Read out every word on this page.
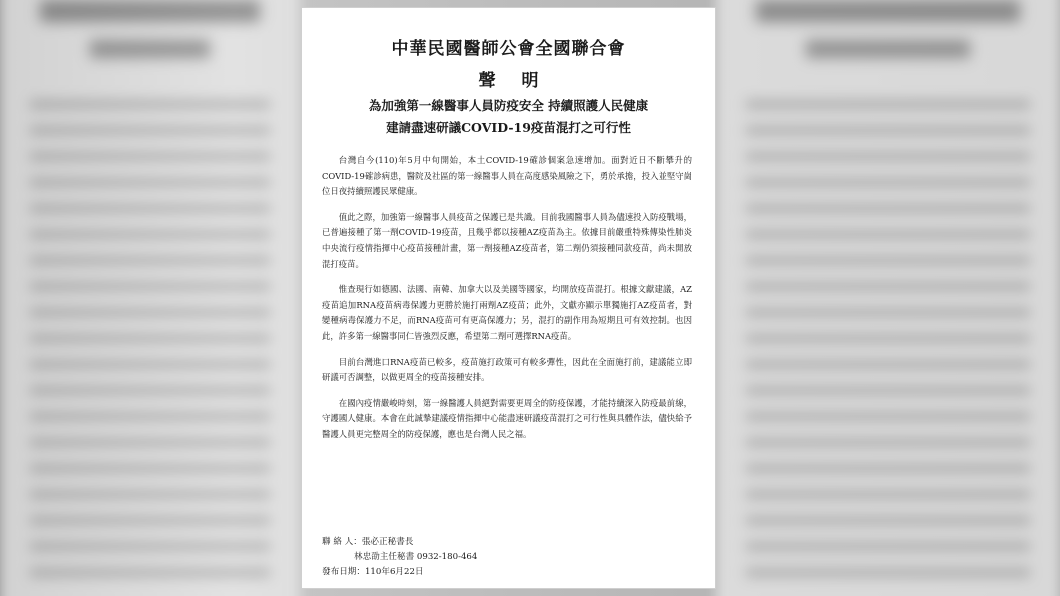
中華民國醫師公會全國聯合會
聲 明
為加強第一線醫事人員防疫安全 持續照護人民健康
建請盡速研議COVID-19疫苗混打之可行性

台灣自今(110)年5月中旬開始，本土COVID-19確診個案急速增加。面對近日不斷攀升的COVID-19確診病患，醫院及社區的第一線醫事人員在高度感染風險之下，勇於承擔，投入並堅守崗位日夜持續照護民眾健康。

值此之際，加強第一線醫事人員疫苗之保護已是共識。目前我國醫事人員為儘速投入防疫戰場，已普遍接種了第一劑COVID-19疫苗，且幾乎都以接種AZ疫苗為主。依據目前嚴重特殊傳染性肺炎中央流行疫情指揮中心疫苗接種計畫，第一劑接種AZ疫苗者，第二劑仍須接種同款疫苗，尚未開放混打疫苗。

惟查現行如德國、法國、南韓、加拿大以及美國等國家，均開放疫苗混打。根據文獻建議，AZ疫苗追加RNA疫苗病毒保護力更勝於施打兩劑AZ疫苗；此外，文獻亦顯示單獨施打AZ疫苗者，對變種病毒保護力不足，而RNA疫苗可有更高保護力；另，混打的副作用為短期且可有效控制。也因此，許多第一線醫事同仁皆強烈反應，希望第二劑可選擇RNA疫苗。

目前台灣進口RNA疫苗已較多，疫苗施打政策可有較多彈性，因此在全面施打前，建議能立即研議可否調整，以做更周全的疫苗接種安排。

在國內疫情嚴峻時刻，第一線醫護人員絕對需要更周全的防疫保護，才能持續深入防疫最前線，守護國人健康。本會在此誠摯建議疫情指揮中心能盡速研議疫苗混打之可行性與具體作法，儘快給予醫護人員更完整周全的防疫保護，應也是台灣人民之福。

聯 絡 人：張必正秘書長
林忠劭主任秘書 0932-180-464
發布日期：110年6月22日
